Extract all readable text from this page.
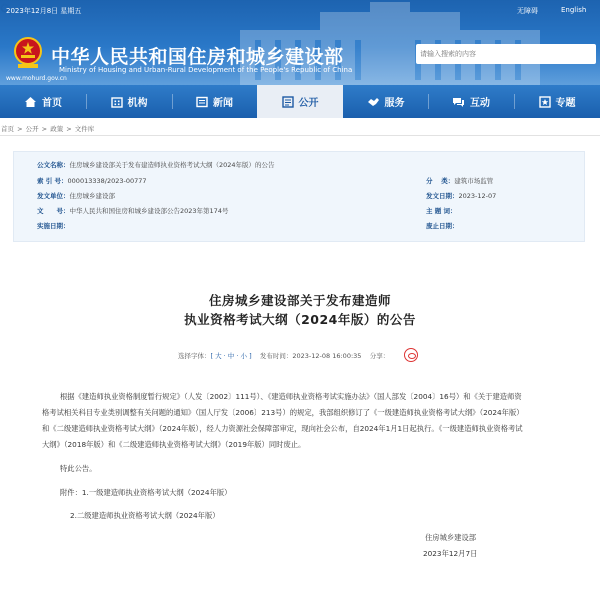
2023年12月8日 星期五	无障碍	English
中华人民共和国住房和城乡建设部
Ministry of Housing and Urban-Rural Development of the People's Republic of China
www.mohurd.gov.cn
请输入搜索的内容
首页	机构	新闻	公开	服务	互动	专题
首页 > 公开 > 政策 > 文件库
公文名称：住房城乡建设部关于发布建造师执业资格考试大纲（2024年版）的公告
索 引 号：000013338/2023-00777	分　 类：建筑市场监管
发文单位：住房城乡建设部	发文日期：2023-12-07
文　　号：中华人民共和国住房和城乡建设部公告2023年第174号	主 题 词：
实施日期：	废止日期：
住房城乡建设部关于发布建造师
执业资格考试大纲（2024年版）的公告
选择字体：[ 大 · 中 · 小 ] 发布时间：2023-12-08 16:00:35 分享：
根据《建造师执业资格制度暂行规定》（人发〔2002〕111号）、《建造师执业资格考试实施办法》（国人部发〔2004〕16号）和《关于建造师资
格考试相关科目专业类别调整有关问题的通知》（国人厅发〔2006〕213号）的规定，我部组织修订了《一级建造师执业资格考试大纲》（2024年版）
和《二级建造师执业资格考试大纲》（2024年版），经人力资源社会保障部审定，现向社会公布，自2024年1月1日起执行。《一级建造师执业资格考试
大纲》（2018年版）和《二级建造师执业资格考试大纲》（2019年版）同时废止。
特此公告。
附件：1.一级建造师执业资格考试大纲（2024年版）
2.二级建造师执业资格考试大纲（2024年版）
住房城乡建设部
2023年12月7日
